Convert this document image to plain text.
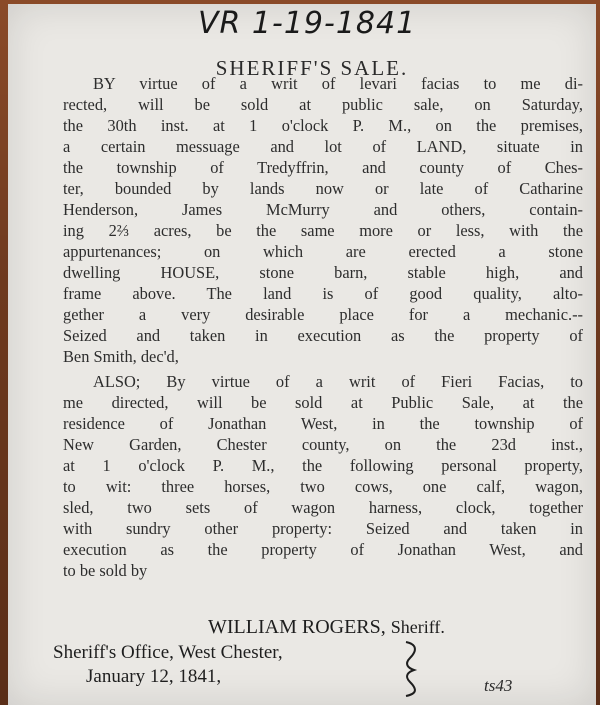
VR 1-19-1841
SHERIFF'S SALE.
BY virtue of a writ of levari facias to me di-
rected, will be sold at public sale, on Saturday,
the 30th inst. at 1 o'clock P. M., on the premises,
a certain messuage and lot of LAND, situate in
the township of Tredyffrin, and county of Ches-
ter, bounded by lands now or late of Catharine
Henderson, James McMurry and others, contain-
ing 2⅔ acres, be the same more or less, with the
appurtenances; on which are erected a stone
dwelling HOUSE, stone barn, stable high, and
frame above. The land is of good quality, alto-
gether a very desirable place for a mechanic.--
Seized and taken in execution as the property of
Ben Smith, dec'd,
ALSO; By virtue of a writ of Fieri Facias, to
me directed, will be sold at Public Sale, at the
residence of Jonathan West, in the township of
New Garden, Chester county, on the 23d inst.,
at 1 o'clock P. M., the following personal property,
to wit: three horses, two cows, one calf, wagon,
sled, two sets of wagon harness, clock, together
with sundry other property: Seized and taken in
execution as the property of Jonathan West, and
to be sold by
WILLIAM ROGERS, Sheriff.
Sheriff's Office, West Chester,
January 12, 1841,	ts43
